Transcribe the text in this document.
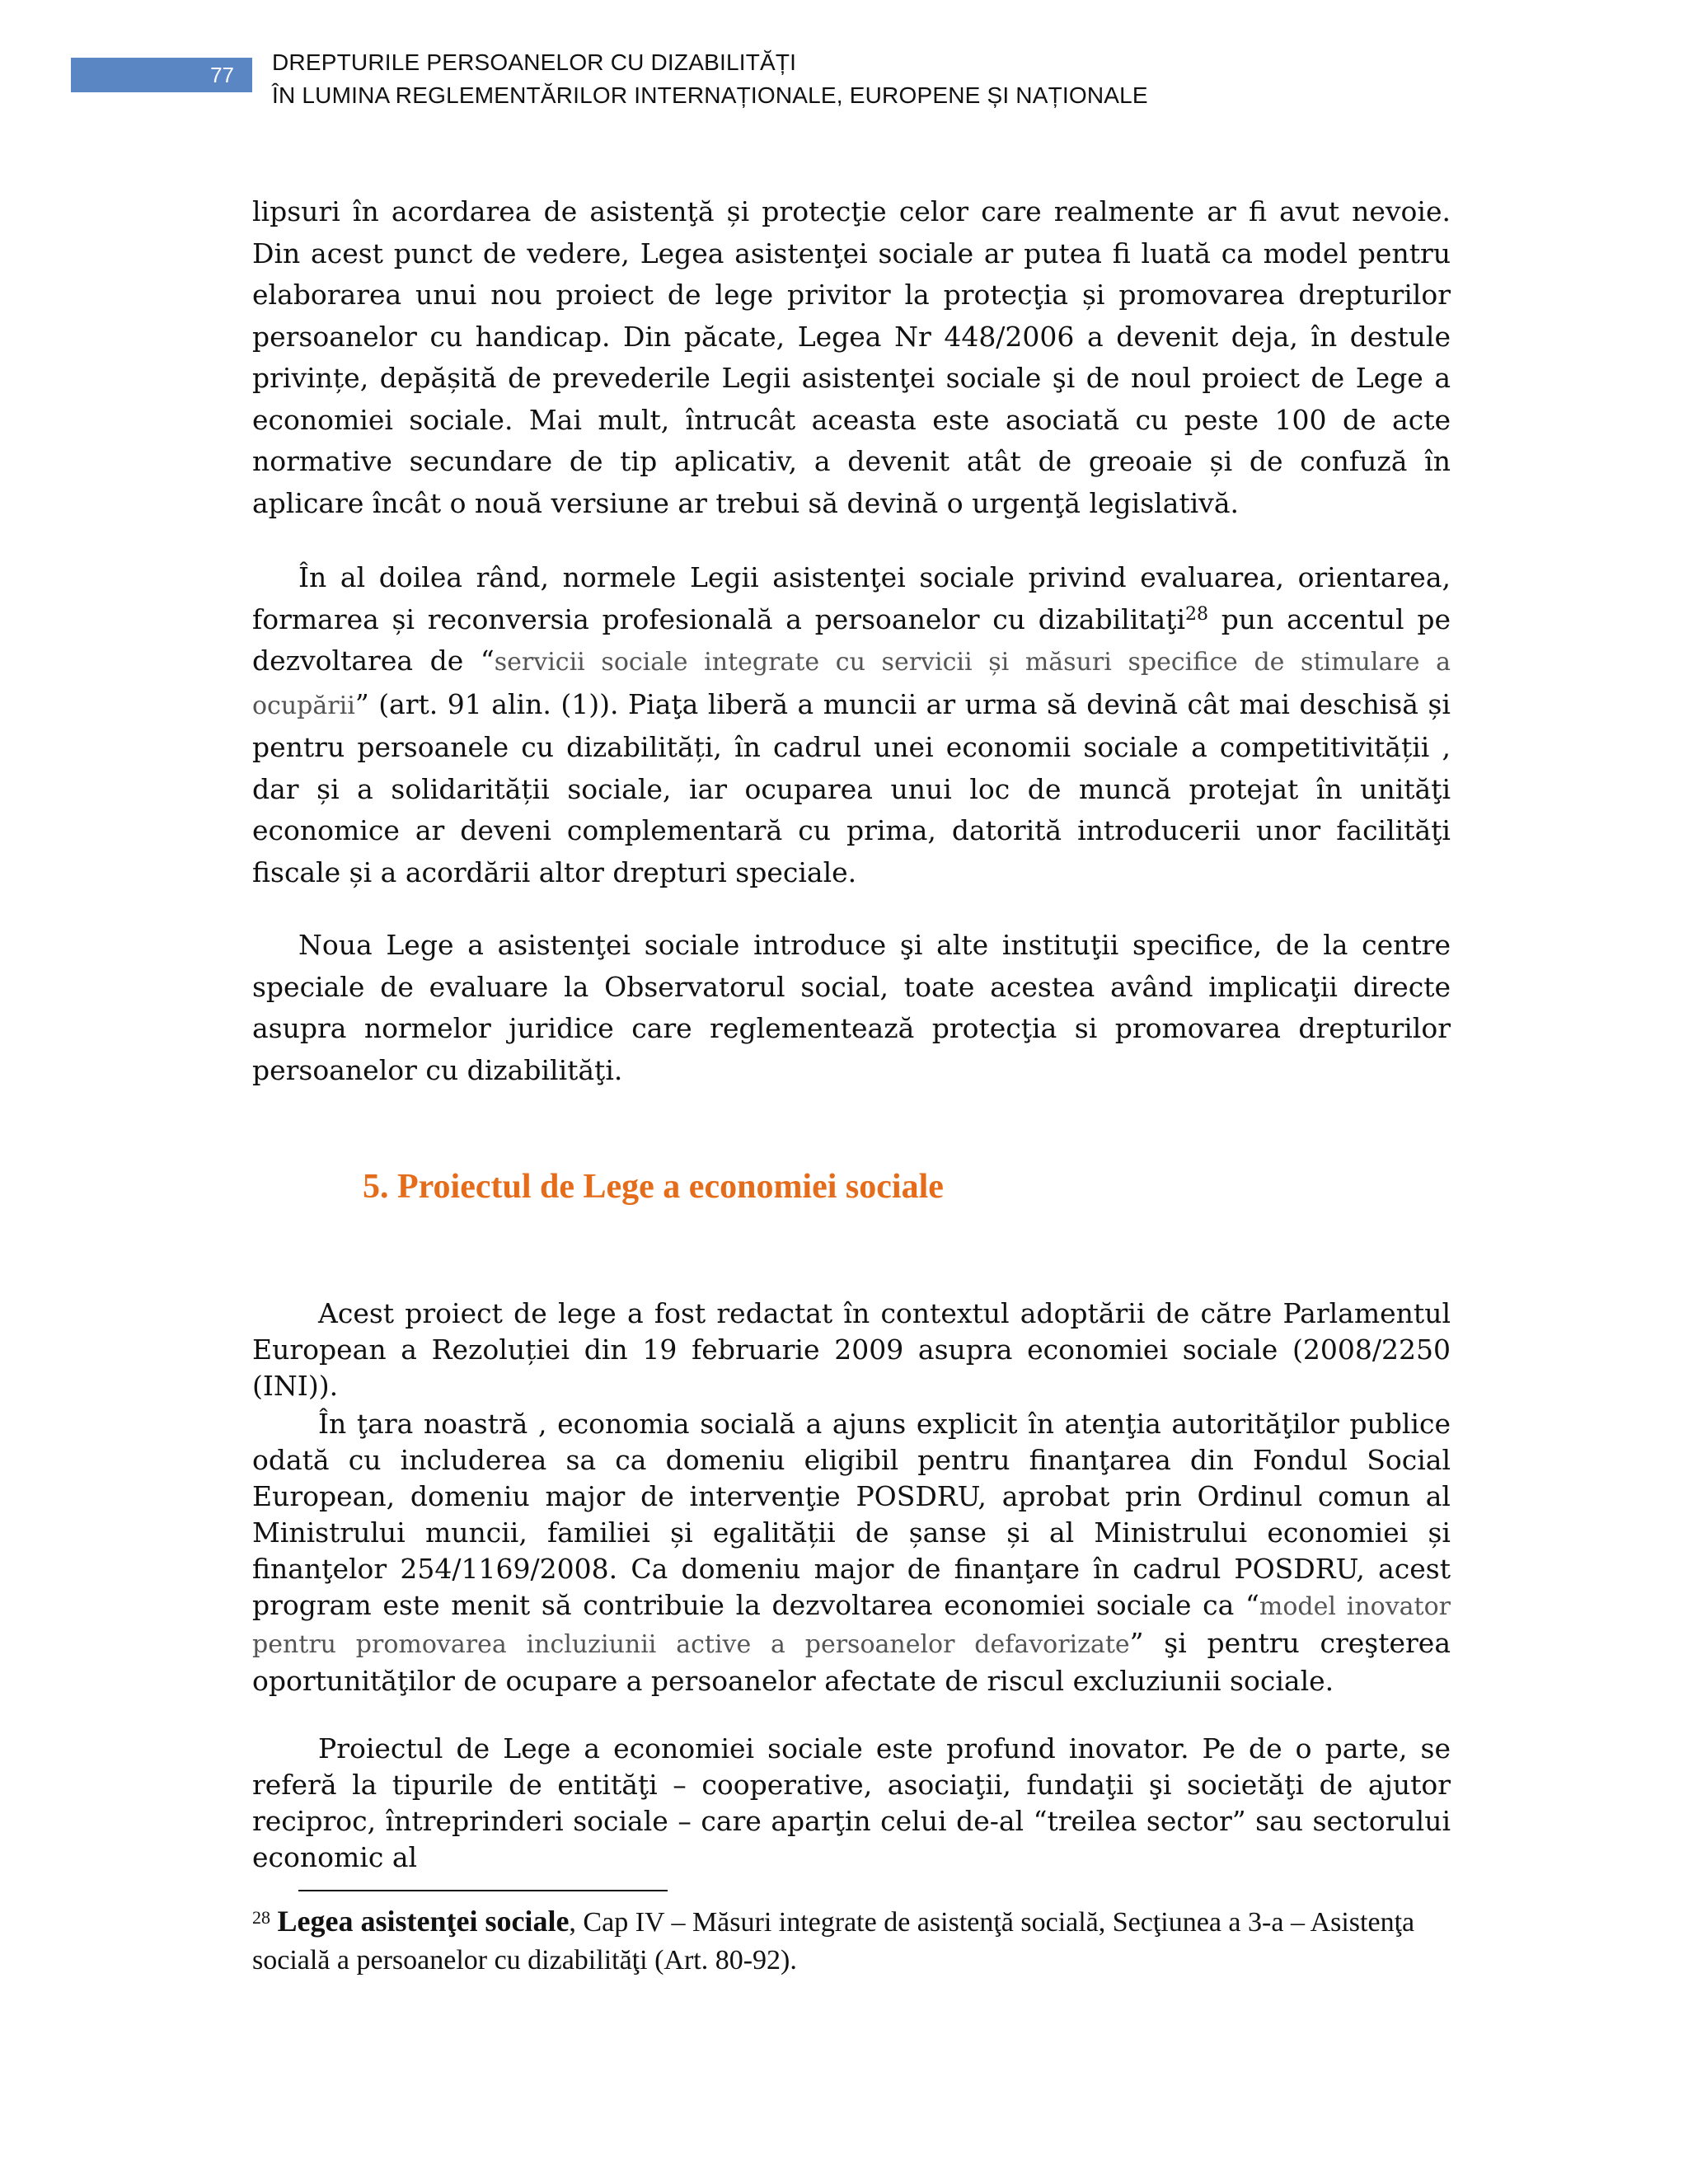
77 DREPTURILE PERSOANELOR CU DIZABILITĂȚI
ÎN LUMINA REGLEMENTĂRILOR INTERNAȚIONALE, EUROPENE ȘI NAȚIONALE

lipsuri în acordarea de asistenţă și protecţie celor care realmente ar fi avut nevoie. Din acest punct de vedere, Legea asistenţei sociale ar putea fi luată ca model pentru elaborarea unui nou proiect de lege privitor la protecţia și promovarea drepturilor persoanelor cu handicap. Din păcate, Legea Nr 448/2006 a devenit deja, în destule privințe, depășită de prevederile Legii asistenţei sociale şi de noul proiect de Lege a economiei sociale. Mai mult, întrucât aceasta este asociată cu peste 100 de acte normative secundare de tip aplicativ, a devenit atât de greoaie și de confuză în aplicare încât o nouă versiune ar trebui să devină o urgenţă legislativă.

În al doilea rând, normele Legii asistenţei sociale privind evaluarea, orientarea, formarea și reconversia profesională a persoanelor cu dizabilitaţi$^{28}$ pun accentul pe dezvoltarea de “servicii sociale integrate cu servicii și măsuri specifice de stimulare a ocupării” (art. 91 alin. (1)). Piaţa liberă a muncii ar urma să devină cât mai deschisă și pentru persoanele cu dizabilități, în cadrul unei economii sociale a competitivității , dar și a solidarității sociale, iar ocuparea unui loc de muncă protejat în unităţi economice ar deveni complementară cu prima, datorită introducerii unor facilităţi fiscale și a acordării altor drepturi speciale.

Noua Lege a asistenţei sociale introduce şi alte instituţii specifice, de la centre speciale de evaluare la Observatorul social, toate acestea având implicaţii directe asupra normelor juridice care reglementează protecţia si promovarea drepturilor persoanelor cu dizabilităţi.

5. Proiectul de Lege a economiei sociale

Acest proiect de lege a fost redactat în contextul adoptării de către Parlamentul European a Rezoluției din 19 februarie 2009 asupra economiei sociale (2008/2250 (INI)).

În ţara noastră , economia socială a ajuns explicit în atenţia autorităţilor publice odată cu includerea sa ca domeniu eligibil pentru finanţarea din Fondul Social European, domeniu major de intervenţie POSDRU, aprobat prin Ordinul comun al Ministrului muncii, familiei și egalității de șanse și al Ministrului economiei și finanţelor 254/1169/2008. Ca domeniu major de finanţare în cadrul POSDRU, acest program este menit să contribuie la dezvoltarea economiei sociale ca “model inovator pentru promovarea incluziunii active a persoanelor defavorizate” şi pentru creşterea oportunităţilor de ocupare a persoanelor afectate de riscul excluziunii sociale.

Proiectul de Lege a economiei sociale este profund inovator. Pe de o parte, se referă la tipurile de entităţi – cooperative, asociaţii, fundaţii şi societăţi de ajutor reciproc, întreprinderi sociale – care aparţin celui de-al “treilea sector” sau sectorului economic al

$^{28}$ Legea asistenţei sociale, Cap IV – Măsuri integrate de asistenţă socială, Secţiunea a 3-a – Asistenţa socială a persoanelor cu dizabilităţi (Art. 80-92).
